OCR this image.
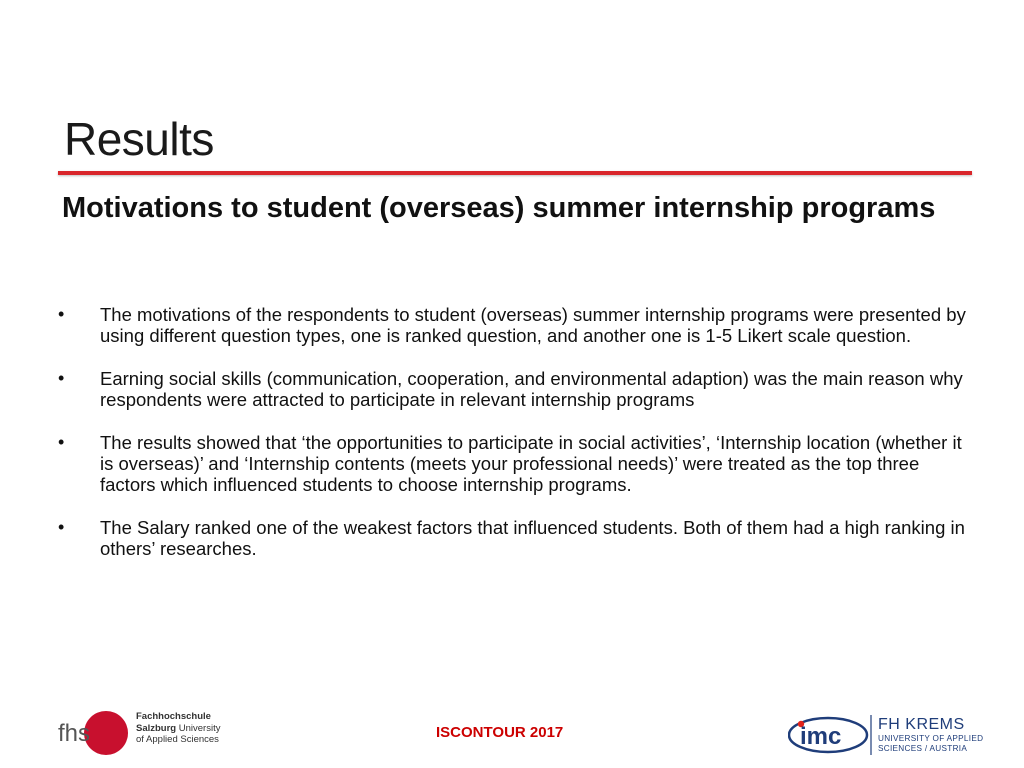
Results
Motivations to student (overseas) summer internship programs
•	The motivations of the respondents to student (overseas) summer internship programs were presented by using different question types, one is ranked question, and another one is 1-5 Likert scale question.
•	Earning social skills (communication, cooperation, and environmental adaption) was the main reason why respondents were attracted to participate in relevant internship programs
•	The results showed that ‘the opportunities to participate in social activities’, ‘Internship location (whether it is overseas)’ and ‘Internship contents (meets your professional needs)’ were treated as the top three factors which influenced students to choose internship programs.
•	The Salary ranked one of the weakest factors that influenced students. Both of them had a high ranking in others’ researches.
fhs
Fachhochschule
Salzburg University
of Applied Sciences	ISCONTOUR 2017	imc FH KREMS
UNIVERSITY OF APPLIED
SCIENCES / AUSTRIA
